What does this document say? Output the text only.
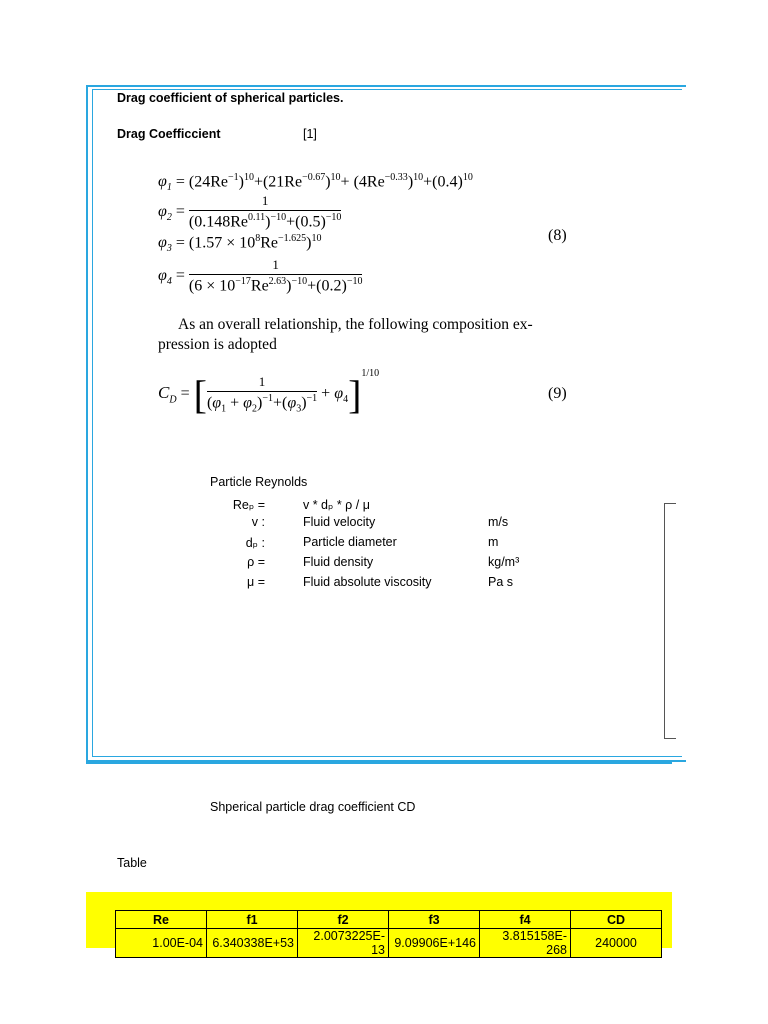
Drag coefficient of spherical particles.
Drag Coefficcient	[1]
$\varphi_1 = (24Re^{-1})^{10}+(21Re^{-0.67})^{10}+ (4Re^{-0.33})^{10}+(0.4)^{10}$
$\varphi_2 = \frac{1}{(0.148Re^{0.11})^{-10}+(0.5)^{-10}}$
$\varphi_3 = (1.57 \times 10^8Re^{-1.625})^{10}$
$\varphi_4 = \frac{1}{(6 \times 10^{-17}Re^{2.63})^{-10}+(0.2)^{-10}}$
(8)
As an overall relationship, the following composition ex-
pression is adopted
$C_D$ = [ $\frac{1}{(\varphi_1 + \varphi_2)^{-1}+(\varphi_3)^{-1}} + \varphi_4]^{1/10}$
(9)
Particle Reynolds
Reₚ =	v * dₚ * ρ / μ
v :	Fluid velocity	m/s
dₚ :	Particle diameter	m
ρ =	Fluid density	kg/m³
μ =	Fluid absolute viscosity	Pa s
Shperical particle drag coefficient CD
Table
Re	f1	f2	f3	f4	CD
1.00E-04	6.340338E+53	2.0073225E-13	9.09906E+146	3.815158E-268	240000
